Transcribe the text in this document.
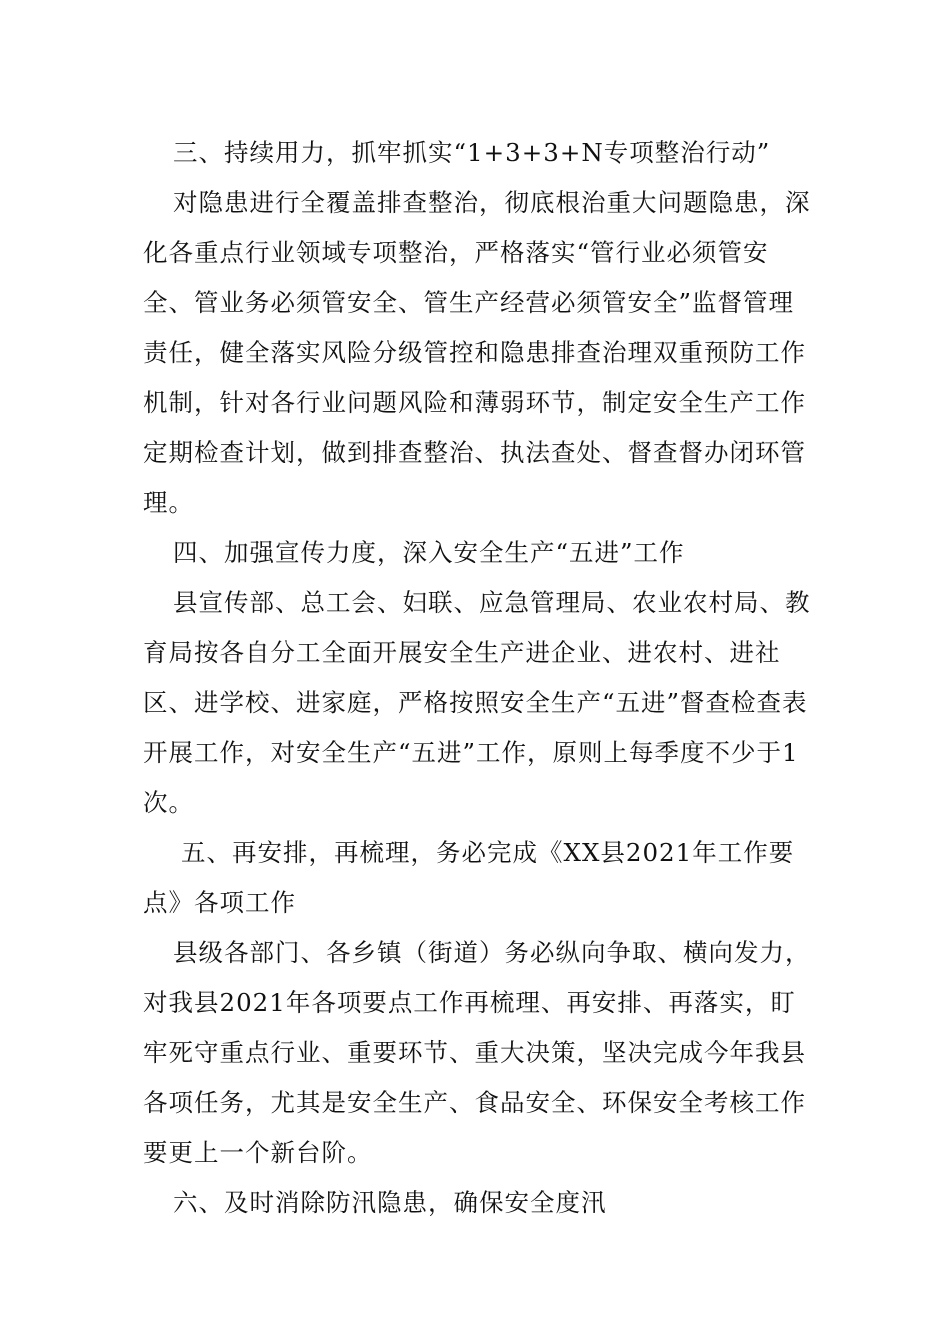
三、持续用力，抓牢抓实“1+3+3+N专项整治行动”

对隐患进行全覆盖排查整治，彻底根治重大问题隐患，深化各重点行业领域专项整治，严格落实“管行业必须管安全、管业务必须管安全、管生产经营必须管安全”监督管理责任，健全落实风险分级管控和隐患排查治理双重预防工作机制，针对各行业问题风险和薄弱环节，制定安全生产工作定期检查计划，做到排查整治、执法查处、督查督办闭环管理。

四、加强宣传力度，深入安全生产“五进”工作

县宣传部、总工会、妇联、应急管理局、农业农村局、教育局按各自分工全面开展安全生产进企业、进农村、进社区、进学校、进家庭，严格按照安全生产“五进”督查检查表开展工作，对安全生产“五进”工作，原则上每季度不少于1次。

五、再安排，再梳理，务必完成《XX县2021年工作要点》各项工作

县级各部门、各乡镇（街道）务必纵向争取、横向发力，对我县2021年各项要点工作再梳理、再安排、再落实，盯牢死守重点行业、重要环节、重大决策，坚决完成今年我县各项任务，尤其是安全生产、食品安全、环保安全考核工作要更上一个新台阶。

六、及时消除防汛隐患，确保安全度汛
